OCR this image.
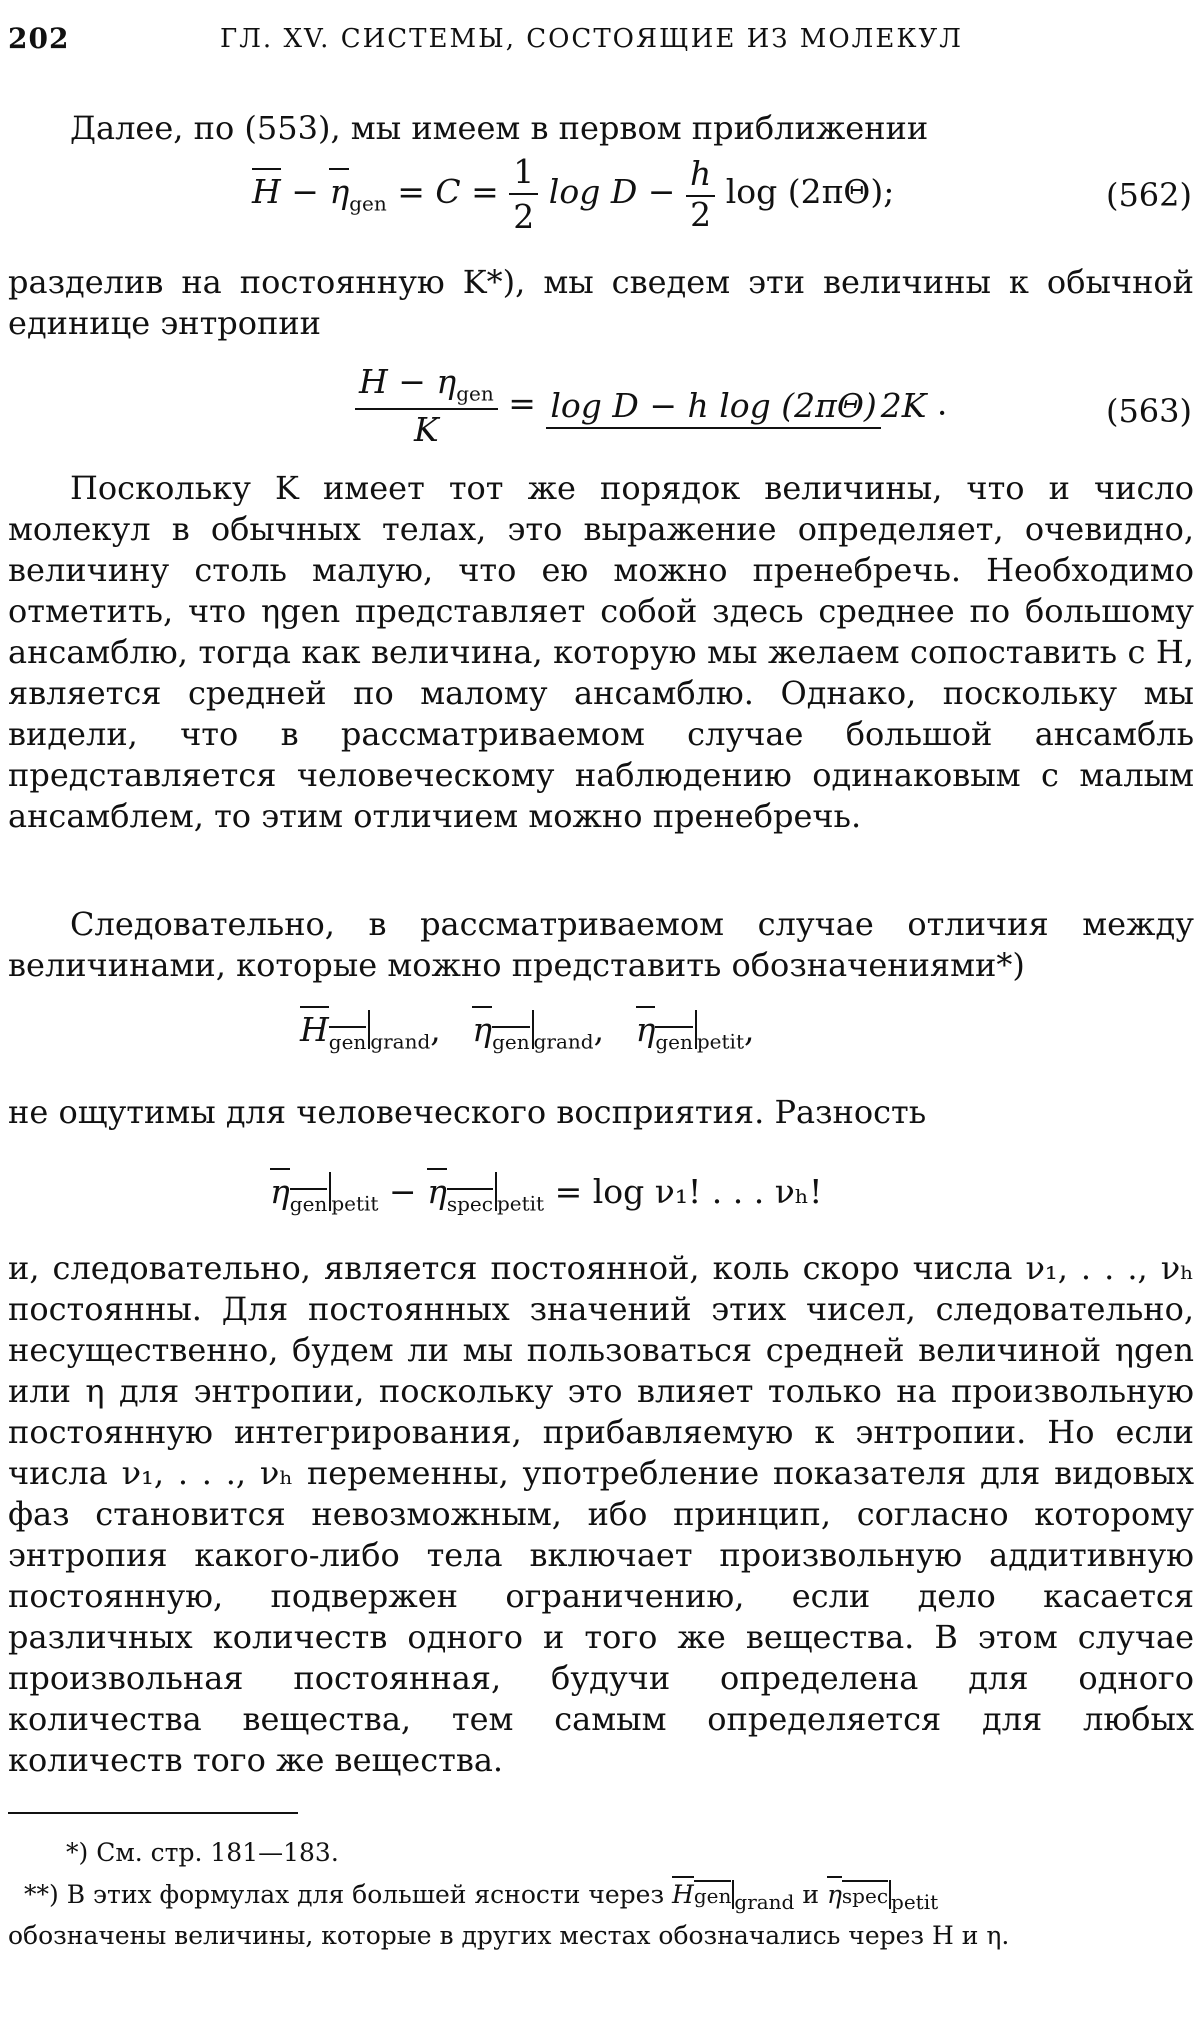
202	ГЛ. XV. СИСТЕМЫ, СОСТОЯЩИЕ ИЗ МОЛЕКУЛ
Далее, по (553), мы имеем в первом приближении
$H - \eta_{gen} = C = \frac{1}{2}$ $\log D - \frac{h}{2}$ log (2πΘ);	(562)
разделив на постоянную K*), мы сведем эти величины к обычной единице энтропии
$\frac{H - \eta_{gen}}{K} = \log D - h$ log (2πΘ) 2K .	(563)
Поскольку K имеет тот же порядок величины, что и число молекул в обычных телах, это выражение определяет, очевидно, величину столь малую, что ею можно пренебречь. Необходимо отметить, что ηgen представляет собой здесь среднее по большому ансамблю, тогда как величина, которую мы желаем сопоставить с H, является средней по малому ансамблю. Однако, поскольку мы видели, что в рассматриваемом случае большой ансамбль представляется человеческому наблюдению одинаковым с малым ансамблем, то этим отличием можно пренебречь.
Следовательно, в рассматриваемом случае отличия между величинами, которые можно представить обозначениями*)
$H_{gen}$ $_{grand}$, $\eta_{gen}$ $_{grand}$, $\eta_{gen}$ $_{petit}$,
не ощутимы для человеческого восприятия. Разность
$\eta_{gen}$ $_{petit} - \eta_{spec}$ $_{petit}$ = log ν₁! . . . νₕ!
и, следовательно, является постоянной, коль скоро числа ν₁, . . ., νₕ постоянны. Для постоянных значений этих чисел, следовательно, несущественно, будем ли мы пользоваться средней величиной ηgen или η для энтропии, поскольку это влияет только на произвольную постоянную интегрирования, прибавляемую к энтропии. Но если числа ν₁, . . ., νₕ переменны, употребление показателя для видовых фаз становится невозможным, ибо принцип, согласно которому энтропия какого-либо тела включает произвольную аддитивную постоянную, подвержен ограничению, если дело касается различных количеств одного и того же вещества. В этом случае произвольная постоянная, будучи определена для одного количества вещества, тем самым определяется для любых количеств того же вещества.
*) См. стр. 181—183.
**) В этих формулах для большей ясности через Hgen $_{grand}$ и ηspec $_{petit}$
обозначены величины, которые в других местах обозначались через H и η.
